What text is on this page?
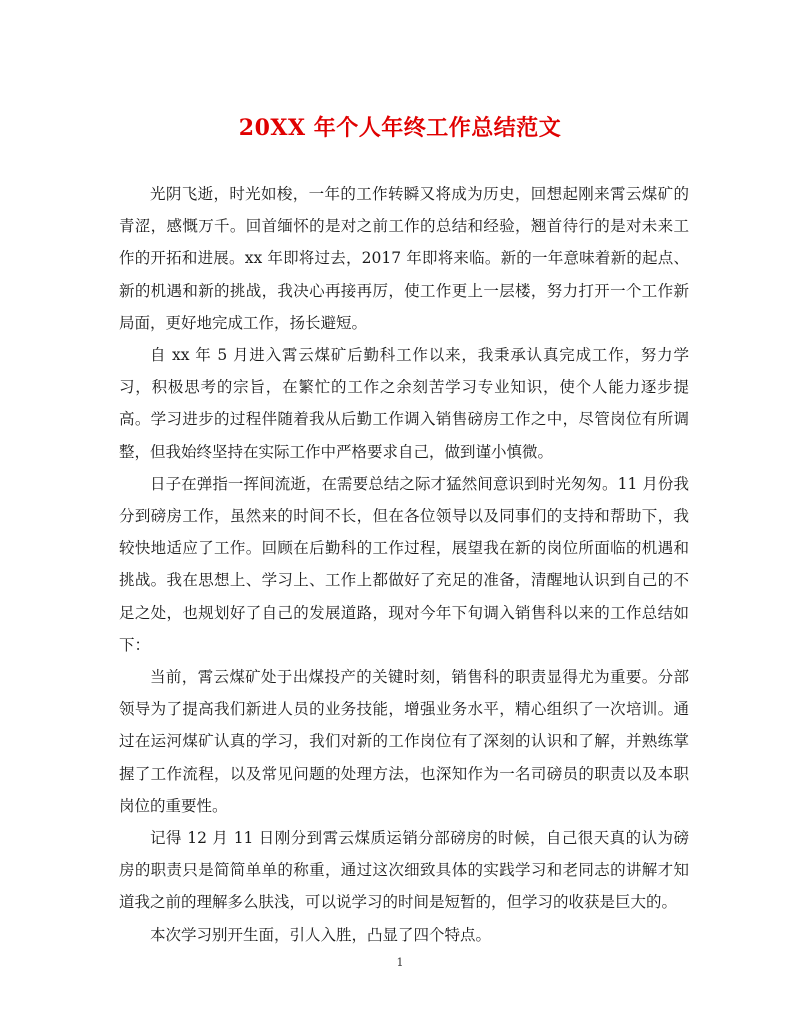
20XX 年个人年终工作总结范文

光阴飞逝，时光如梭，一年的工作转瞬又将成为历史，回想起刚来霄云煤矿的青涩，感慨万千。回首缅怀的是对之前工作的总结和经验，翘首待行的是对未来工作的开拓和进展。xx 年即将过去，2017 年即将来临。新的一年意味着新的起点、新的机遇和新的挑战，我决心再接再厉，使工作更上一层楼，努力打开一个工作新局面，更好地完成工作，扬长避短。

自 xx 年 5 月进入霄云煤矿后勤科工作以来，我秉承认真完成工作，努力学习，积极思考的宗旨，在繁忙的工作之余刻苦学习专业知识，使个人能力逐步提高。学习进步的过程伴随着我从后勤工作调入销售磅房工作之中，尽管岗位有所调整，但我始终坚持在实际工作中严格要求自己，做到谨小慎微。

日子在弹指一挥间流逝，在需要总结之际才猛然间意识到时光匆匆。11 月份我分到磅房工作，虽然来的时间不长，但在各位领导以及同事们的支持和帮助下，我较快地适应了工作。回顾在后勤科的工作过程，展望我在新的岗位所面临的机遇和挑战。我在思想上、学习上、工作上都做好了充足的准备，清醒地认识到自己的不足之处，也规划好了自己的发展道路，现对今年下旬调入销售科以来的工作总结如下：

当前，霄云煤矿处于出煤投产的关键时刻，销售科的职责显得尤为重要。分部领导为了提高我们新进人员的业务技能，增强业务水平，精心组织了一次培训。通过在运河煤矿认真的学习，我们对新的工作岗位有了深刻的认识和了解，并熟练掌握了工作流程，以及常见问题的处理方法，也深知作为一名司磅员的职责以及本职岗位的重要性。

记得 12 月 11 日刚分到霄云煤质运销分部磅房的时候，自己很天真的认为磅房的职责只是简简单单的称重，通过这次细致具体的实践学习和老同志的讲解才知道我之前的理解多么肤浅，可以说学习的时间是短暂的，但学习的收获是巨大的。

本次学习别开生面，引人入胜，凸显了四个特点。

1
